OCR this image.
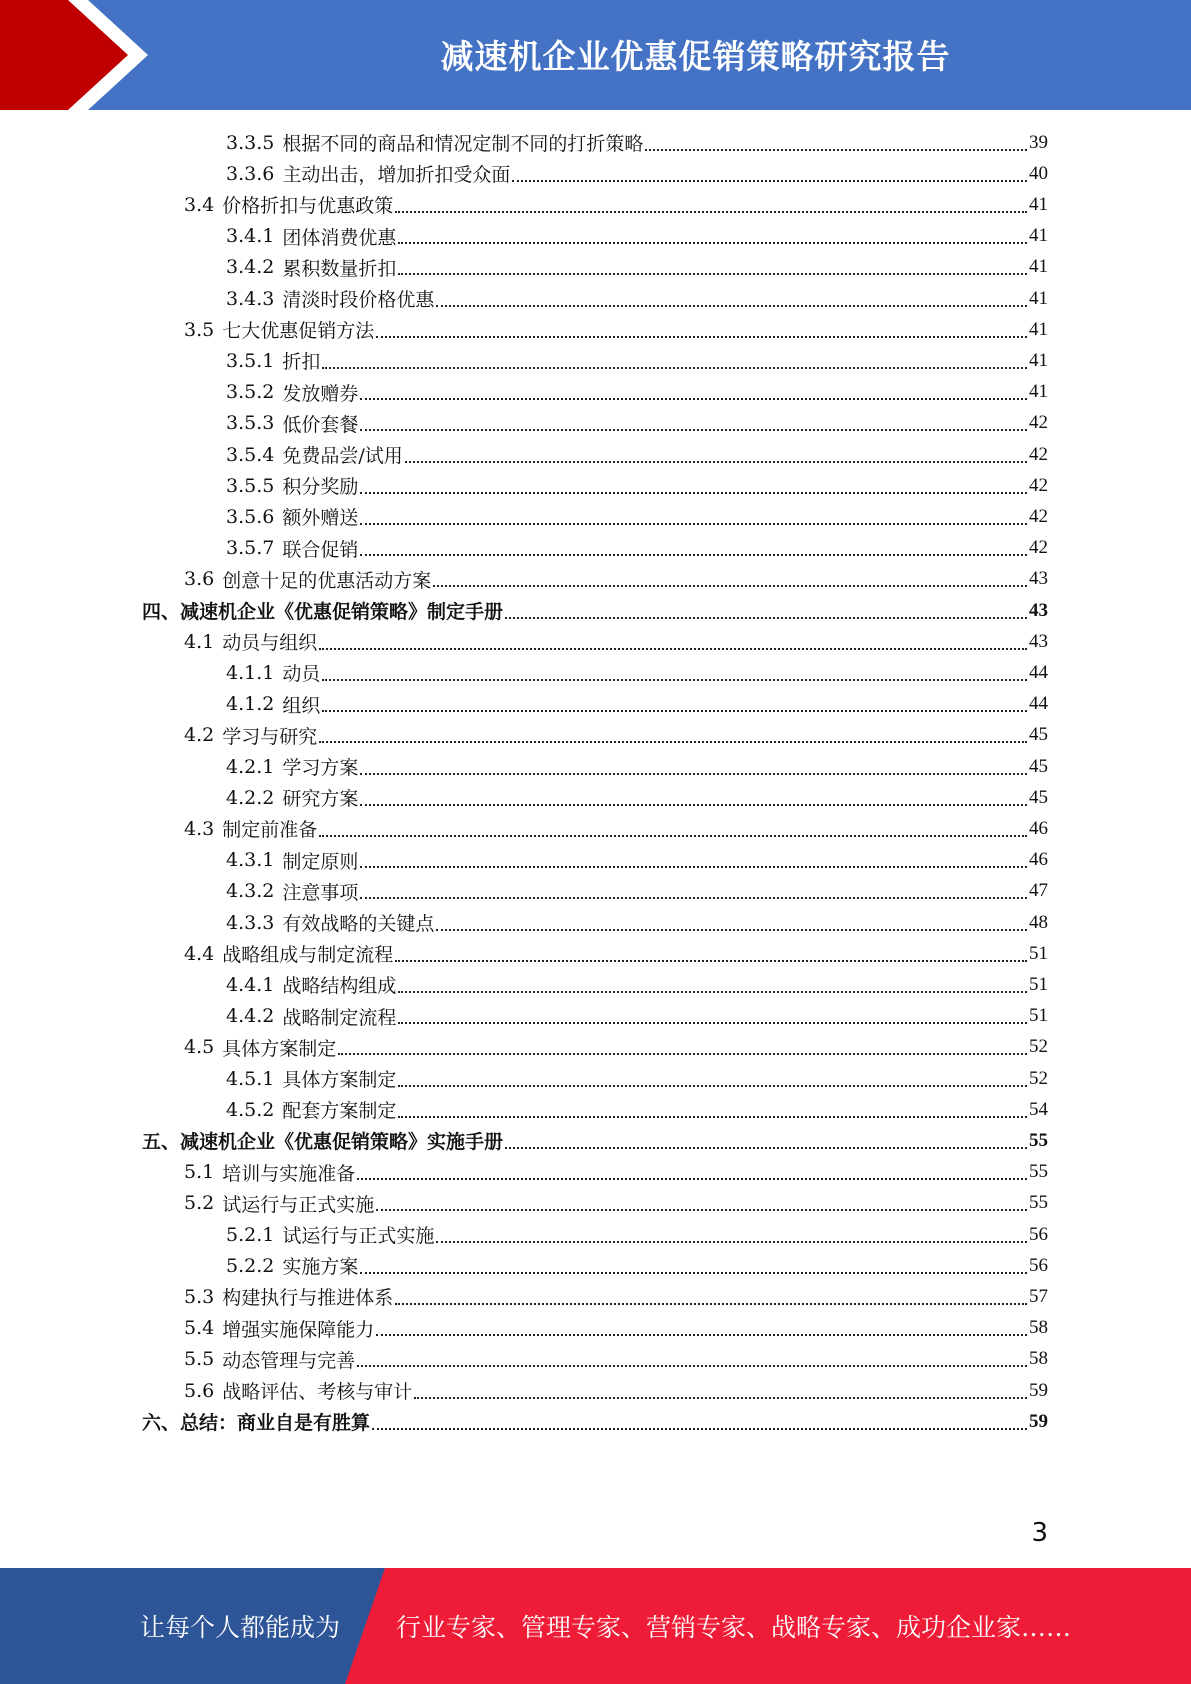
减速机企业优惠促销策略研究报告
3.3.5 根据不同的商品和情况定制不同的打折策略	39
3.3.6 主动出击，增加折扣受众面	40
3.4 价格折扣与优惠政策	41
3.4.1 团体消费优惠	41
3.4.2 累积数量折扣	41
3.4.3 清淡时段价格优惠	41
3.5 七大优惠促销方法	41
3.5.1 折扣	41
3.5.2 发放赠券	41
3.5.3 低价套餐	42
3.5.4 免费品尝/试用	42
3.5.5 积分奖励	42
3.5.6 额外赠送	42
3.5.7 联合促销	42
3.6 创意十足的优惠活动方案	43
四、减速机企业《优惠促销策略》制定手册	43
4.1 动员与组织	43
4.1.1 动员	44
4.1.2 组织	44
4.2 学习与研究	45
4.2.1 学习方案	45
4.2.2 研究方案	45
4.3 制定前准备	46
4.3.1 制定原则	46
4.3.2 注意事项	47
4.3.3 有效战略的关键点	48
4.4 战略组成与制定流程	51
4.4.1 战略结构组成	51
4.4.2 战略制定流程	51
4.5 具体方案制定	52
4.5.1 具体方案制定	52
4.5.2 配套方案制定	54
五、减速机企业《优惠促销策略》实施手册	55
5.1 培训与实施准备	55
5.2 试运行与正式实施	55
5.2.1 试运行与正式实施	56
5.2.2 实施方案	56
5.3 构建执行与推进体系	57
5.4 增强实施保障能力	58
5.5 动态管理与完善	58
5.6 战略评估、考核与审计	59
六、总结：商业自是有胜算	59
3
让每个人都能成为 行业专家、管理专家、营销专家、战略专家、成功企业家……
